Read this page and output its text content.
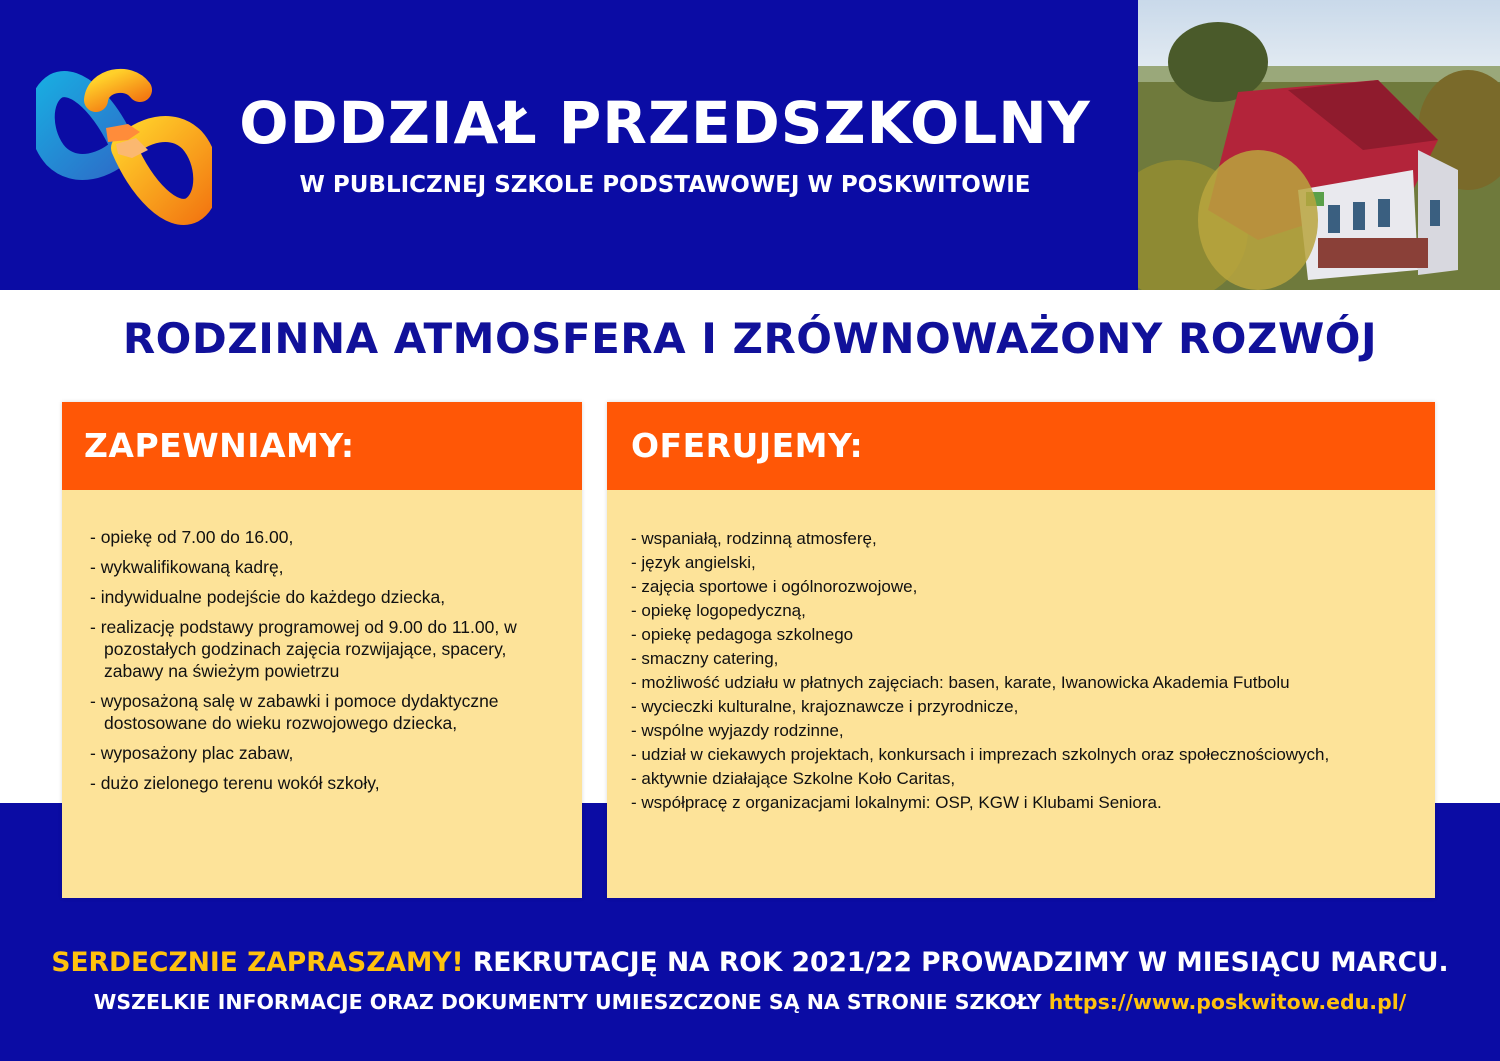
ODDZIAŁ PRZEDSZKOLNY
W PUBLICZNEJ SZKOLE PODSTAWOWEJ W POSKWITOWIE
RODZINNA ATMOSFERA I ZRÓWNOWAŻONY ROZWÓJ
ZAPEWNIAMY:
- opiekę od 7.00 do 16.00,
- wykwalifikowaną kadrę,
- indywidualne podejście do każdego dziecka,
- realizację podstawy programowej od 9.00 do 11.00, w pozostałych godzinach zajęcia rozwijające, spacery, zabawy na świeżym powietrzu
- wyposażoną salę w zabawki i pomoce dydaktyczne dostosowane do wieku rozwojowego dziecka,
- wyposażony plac zabaw,
- dużo zielonego terenu wokół szkoły,
OFERUJEMY:
- wspaniałą, rodzinną atmosferę,
- język angielski,
- zajęcia sportowe i ogólnorozwojowe,
- opiekę logopedyczną,
- opiekę pedagoga szkolnego
- smaczny catering,
- możliwość udziału w płatnych zajęciach: basen, karate, Iwanowicka Akademia Futbolu
- wycieczki kulturalne, krajoznawcze i przyrodnicze,
- wspólne wyjazdy rodzinne,
- udział w ciekawych projektach, konkursach i imprezach szkolnych oraz społecznościowych,
- aktywnie działające Szkolne Koło Caritas,
- współpracę z organizacjami lokalnymi: OSP, KGW i Klubami Seniora.
SERDECZNIE ZAPRASZAMY! REKRUTACJĘ NA ROK 2021/22 PROWADZIMY W MIESIĄCU MARCU.
WSZELKIE INFORMACJE ORAZ DOKUMENTY UMIESZCZONE SĄ NA STRONIE SZKOŁY https://www.poskwitow.edu.pl/
